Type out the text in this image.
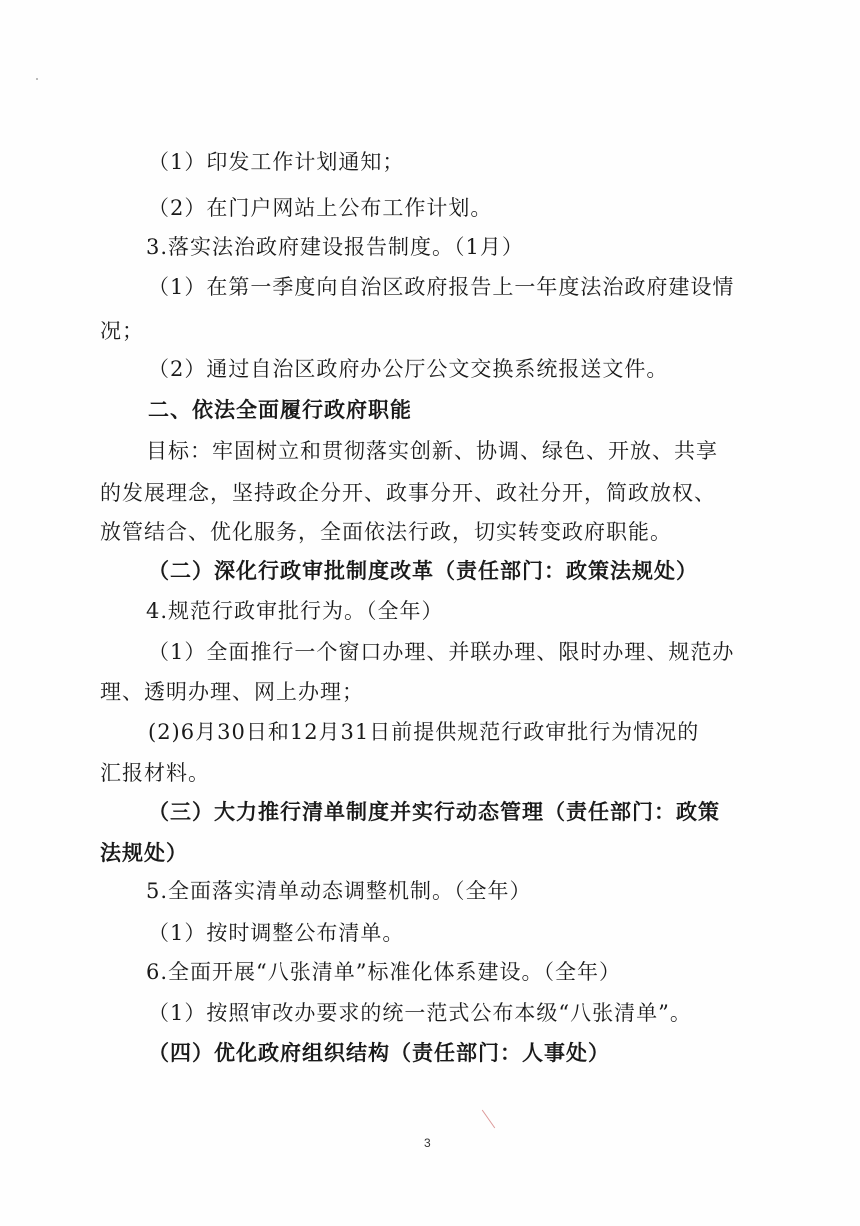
（1）印发工作计划通知；
（2）在门户网站上公布工作计划。
3.落实法治政府建设报告制度。（1月）
（1）在第一季度向自治区政府报告上一年度法治政府建设情
况；
（2）通过自治区政府办公厅公文交换系统报送文件。
二、依法全面履行政府职能
目标：牢固树立和贯彻落实创新、协调、绿色、开放、共享
的发展理念，坚持政企分开、政事分开、政社分开，简政放权、
放管结合、优化服务，全面依法行政，切实转变政府职能。
（二）深化行政审批制度改革（责任部门：政策法规处）
4.规范行政审批行为。（全年）
（1）全面推行一个窗口办理、并联办理、限时办理、规范办
理、透明办理、网上办理；
(2)6月30日和12月31日前提供规范行政审批行为情况的
汇报材料。
（三）大力推行清单制度并实行动态管理（责任部门：政策
法规处）
5.全面落实清单动态调整机制。（全年）
（1）按时调整公布清单。
6.全面开展“八张清单”标准化体系建设。（全年）
（1）按照审改办要求的统一范式公布本级“八张清单”。
（四）优化政府组织结构（责任部门：人事处）
3
